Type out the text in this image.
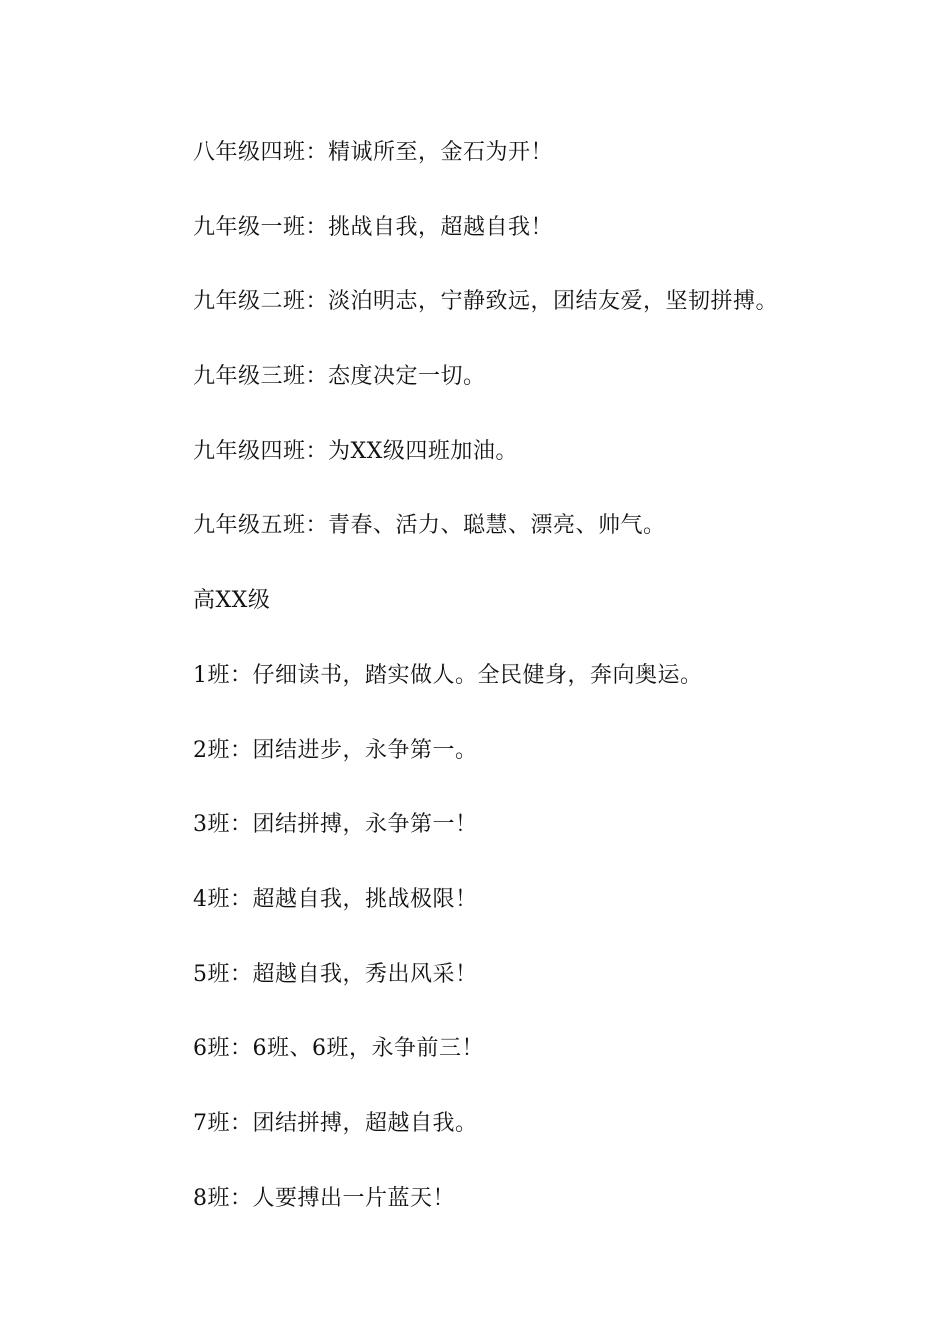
八年级四班：精诚所至，金石为开！
九年级一班：挑战自我，超越自我！
九年级二班：淡泊明志，宁静致远，团结友爱，坚韧拼搏。
九年级三班：态度决定一切。
九年级四班：为XX级四班加油。
九年级五班：青春、活力、聪慧、漂亮、帅气。
高XX级
1班：仔细读书，踏实做人。全民健身，奔向奥运。
2班：团结进步，永争第一。
3班：团结拼搏，永争第一！
4班：超越自我，挑战极限！
5班：超越自我，秀出风采！
6班：6班、6班，永争前三！
7班：团结拼搏，超越自我。
8班：人要搏出一片蓝天！
